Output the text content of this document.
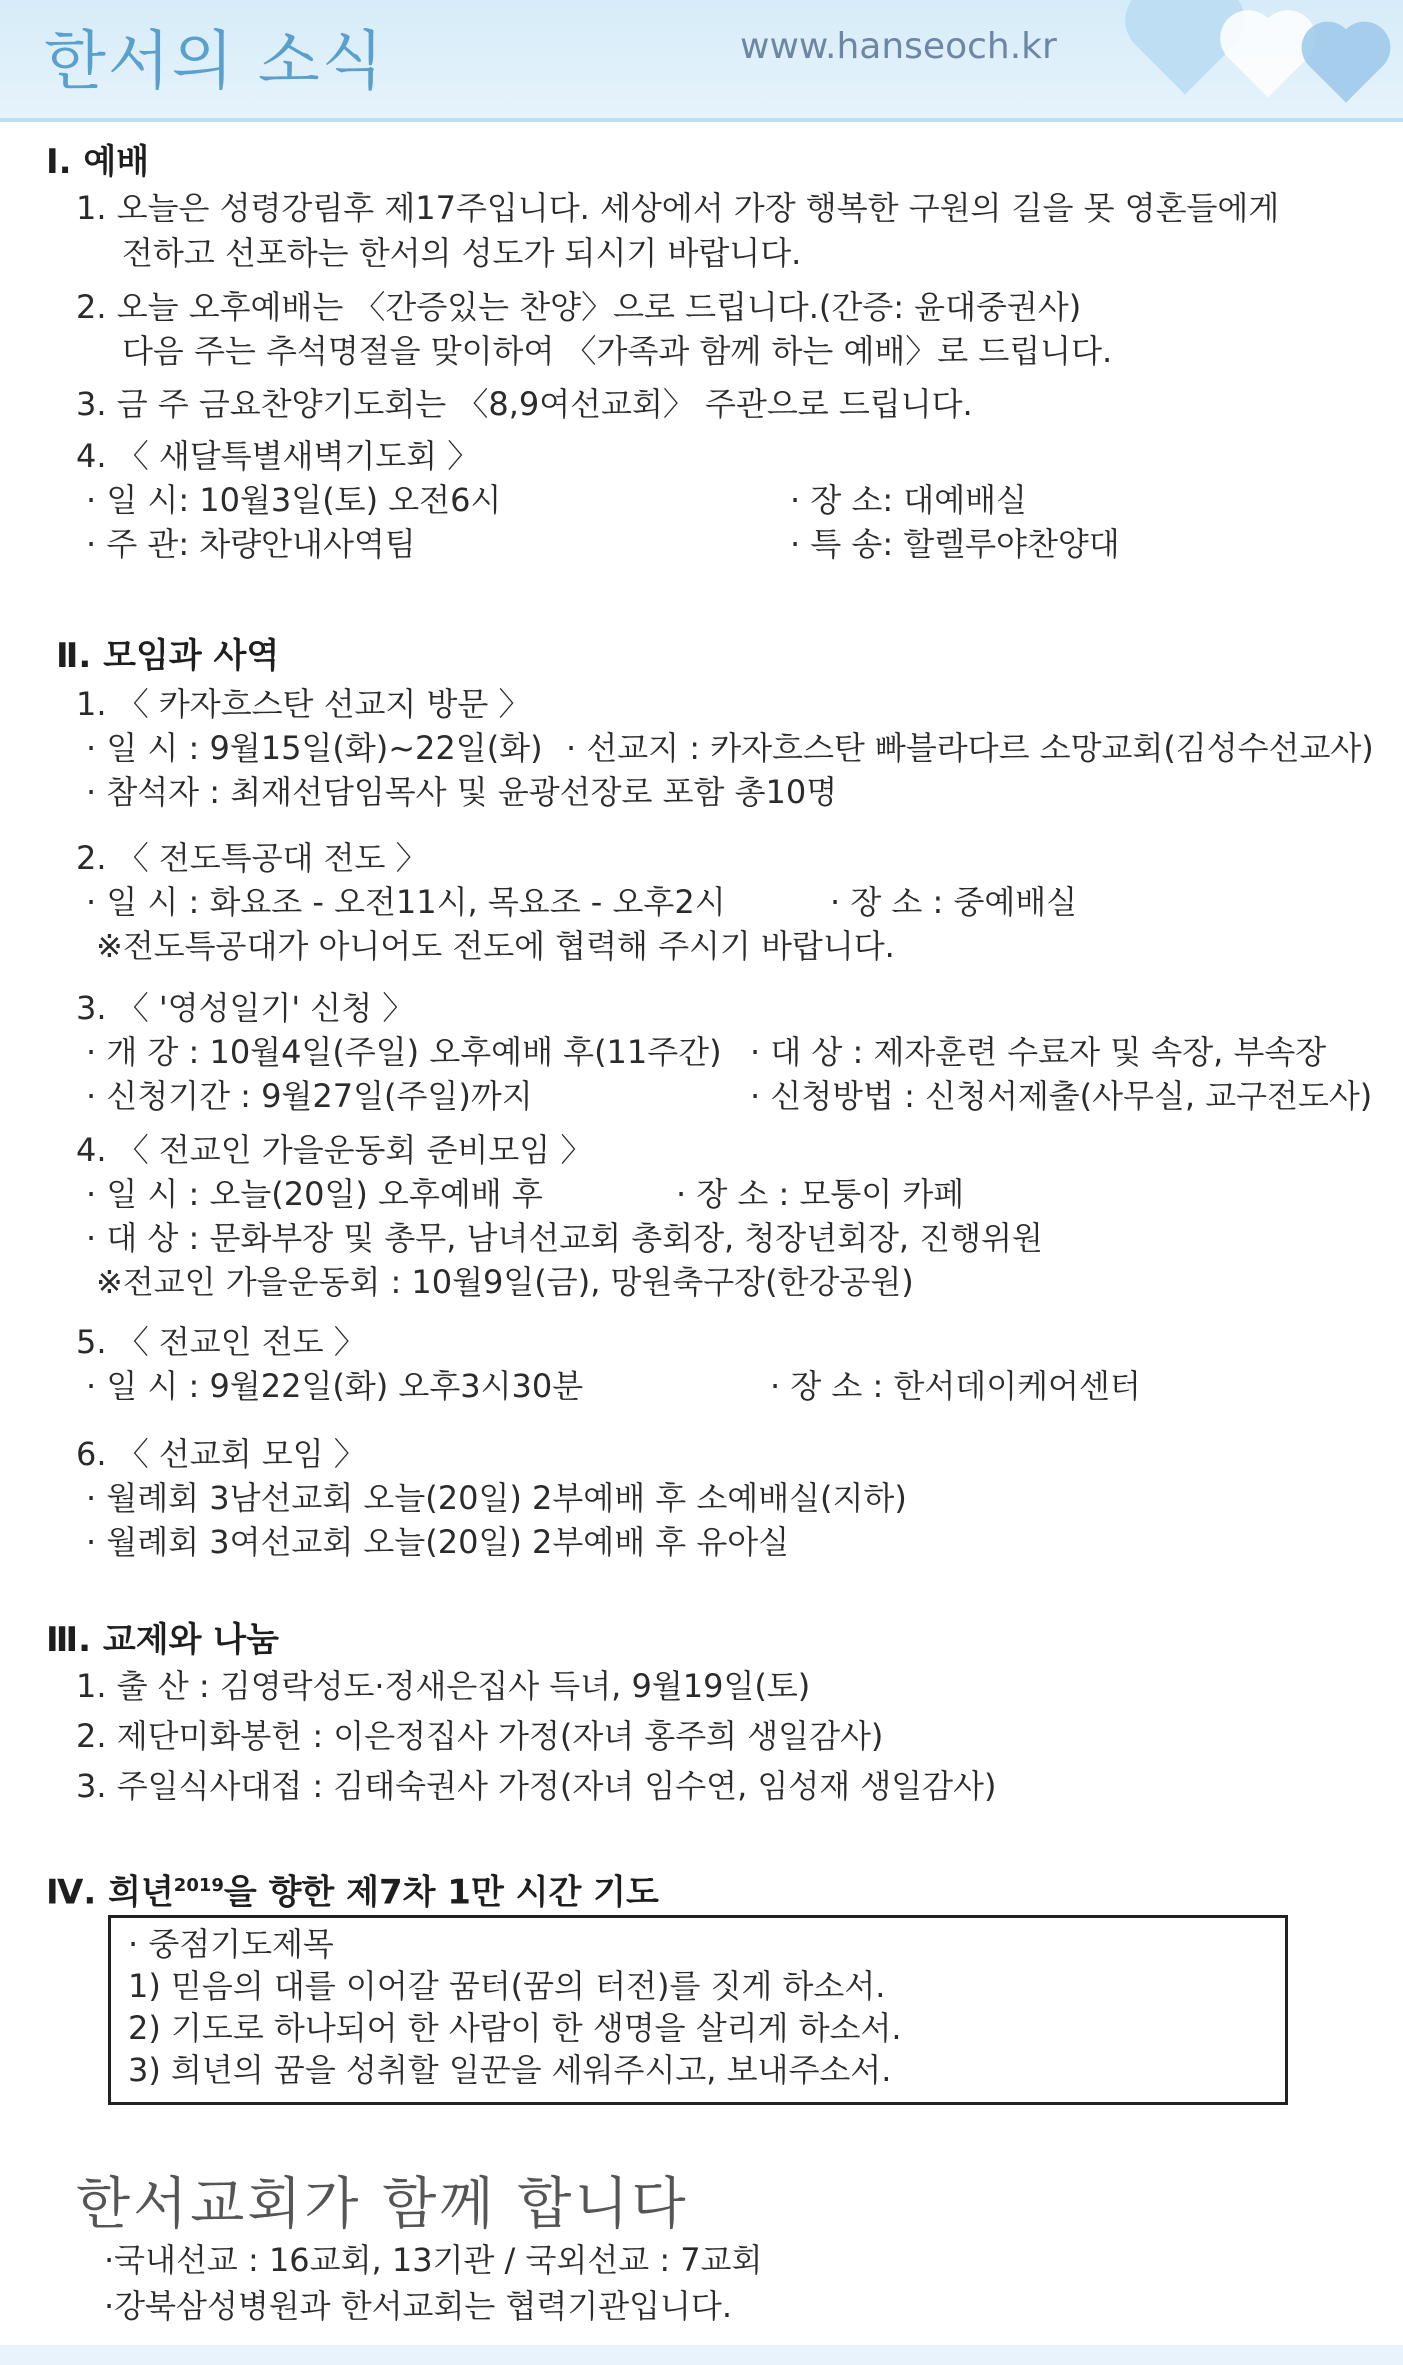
한서의 소식	www.hanseoch.kr
Ⅰ. 예배
1. 오늘은 성령강림후 제17주입니다. 세상에서 가장 행복한 구원의 길을 못 영혼들에게
전하고 선포하는 한서의 성도가 되시기 바랍니다.
2. 오늘 오후예배는 〈간증있는 찬양〉으로 드립니다.(간증: 윤대중권사)
다음 주는 추석명절을 맞이하여 〈가족과 함께 하는 예배〉로 드립니다.
3. 금 주 금요찬양기도회는 〈8,9여선교회〉 주관으로 드립니다.
4. 〈 새달특별새벽기도회 〉
· 일 시: 10월3일(토) 오전6시	· 장 소: 대예배실
· 주 관: 차량안내사역팀	· 특 송: 할렐루야찬양대
Ⅱ. 모임과 사역
1. 〈 카자흐스탄 선교지 방문 〉
· 일 시 : 9월15일(화)~22일(화) · 선교지 : 카자흐스탄 빠블라다르 소망교회(김성수선교사)
· 참석자 : 최재선담임목사 및 윤광선장로 포함 총10명
2. 〈 전도특공대 전도 〉
· 일 시 : 화요조 - 오전11시, 목요조 - 오후2시	· 장 소 : 중예배실
※전도특공대가 아니어도 전도에 협력해 주시기 바랍니다.
3. 〈 '영성일기' 신청 〉
· 개 강 : 10월4일(주일) 오후예배 후(11주간) · 대 상 : 제자훈련 수료자 및 속장, 부속장
· 신청기간 : 9월27일(주일)까지	· 신청방법 : 신청서제출(사무실, 교구전도사)
4. 〈 전교인 가을운동회 준비모임 〉
· 일 시 : 오늘(20일) 오후예배 후	· 장 소 : 모퉁이 카페
· 대 상 : 문화부장 및 총무, 남녀선교회 총회장, 청장년회장, 진행위원
※전교인 가을운동회 : 10월9일(금), 망원축구장(한강공원)
5. 〈 전교인 전도 〉
· 일 시 : 9월22일(화) 오후3시30분	· 장 소 : 한서데이케어센터
6. 〈 선교회 모임 〉
· 월례회 3남선교회 오늘(20일) 2부예배 후 소예배실(지하)
· 월례회 3여선교회 오늘(20일) 2부예배 후 유아실
Ⅲ. 교제와 나눔
1. 출 산 : 김영락성도·정새은집사 득녀, 9월19일(토)
2. 제단미화봉헌 : 이은정집사 가정(자녀 홍주희 생일감사)
3. 주일식사대접 : 김태숙권사 가정(자녀 임수연, 임성재 생일감사)
Ⅳ. 희년$^{2019}$을 향한 제7차 1만 시간 기도
· 중점기도제목
1) 믿음의 대를 이어갈 꿈터(꿈의 터전)를 짓게 하소서.
2) 기도로 하나되어 한 사람이 한 생명을 살리게 하소서.
3) 희년의 꿈을 성취할 일꾼을 세워주시고, 보내주소서.
한서교회가 함께 합니다
·국내선교 : 16교회, 13기관 / 국외선교 : 7교회
·강북삼성병원과 한서교회는 협력기관입니다.
